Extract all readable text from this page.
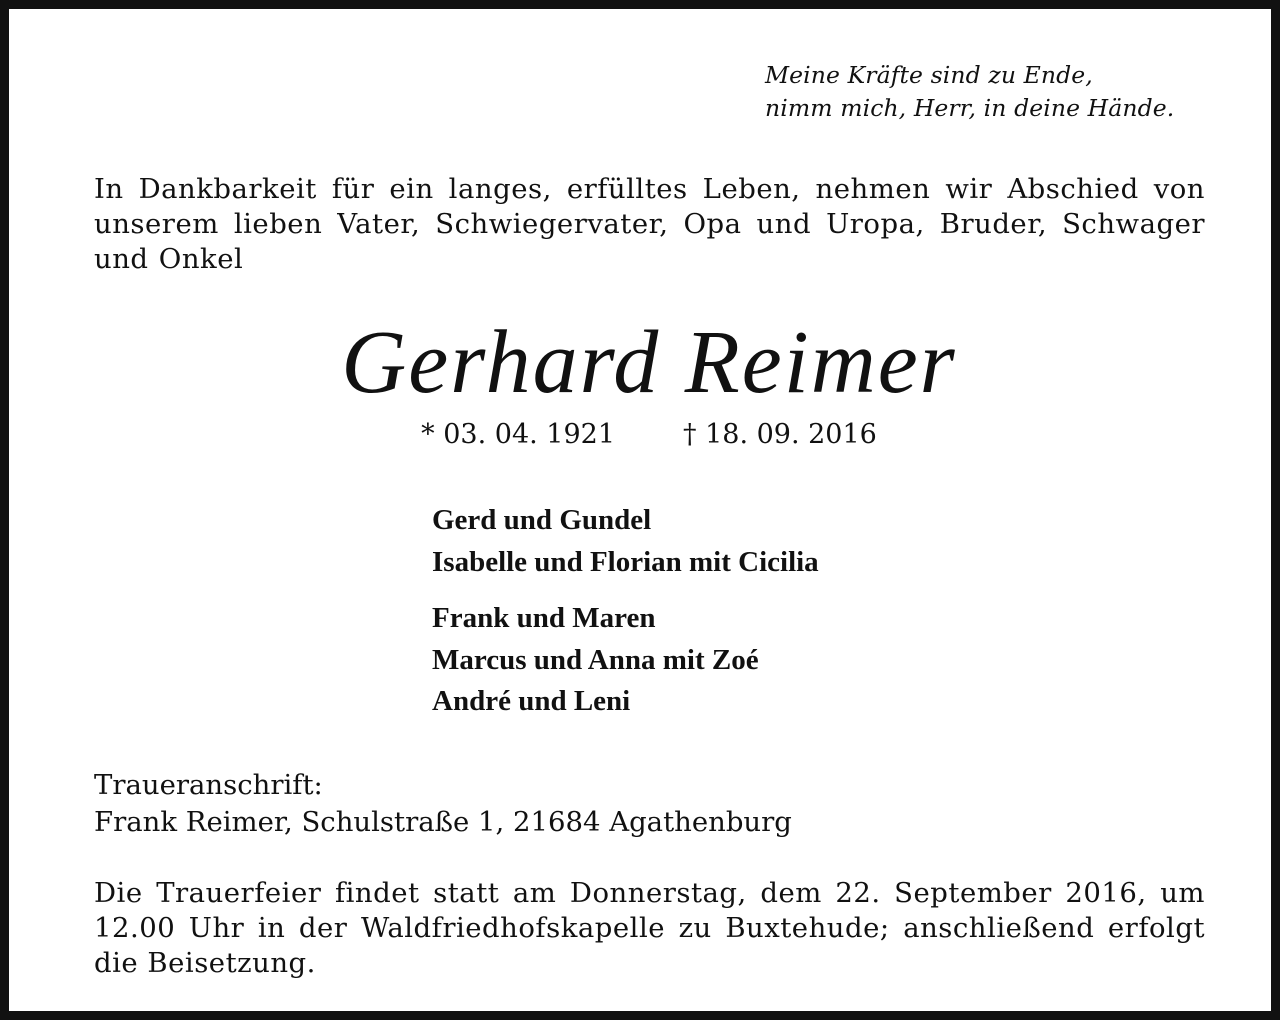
Meine Kräfte sind zu Ende,
nimm mich, Herr, in deine Hände.
In Dankbarkeit für ein langes, erfülltes Leben, nehmen wir Abschied von
unserem lieben Vater, Schwiegervater, Opa und Uropa, Bruder, Schwager
und Onkel
Gerhard Reimer
* 03. 04. 1921	† 18. 09. 2016
Gerd und Gundel
Isabelle und Florian mit Cicilia
Frank und Maren
Marcus und Anna mit Zoé
André und Leni
Traueranschrift:
Frank Reimer, Schulstraße 1, 21684 Agathenburg
Die Trauerfeier findet statt am Donnerstag, dem 22. September 2016, um
12.00 Uhr in der Waldfriedhofskapelle zu Buxtehude; anschließend erfolgt
die Beisetzung.
